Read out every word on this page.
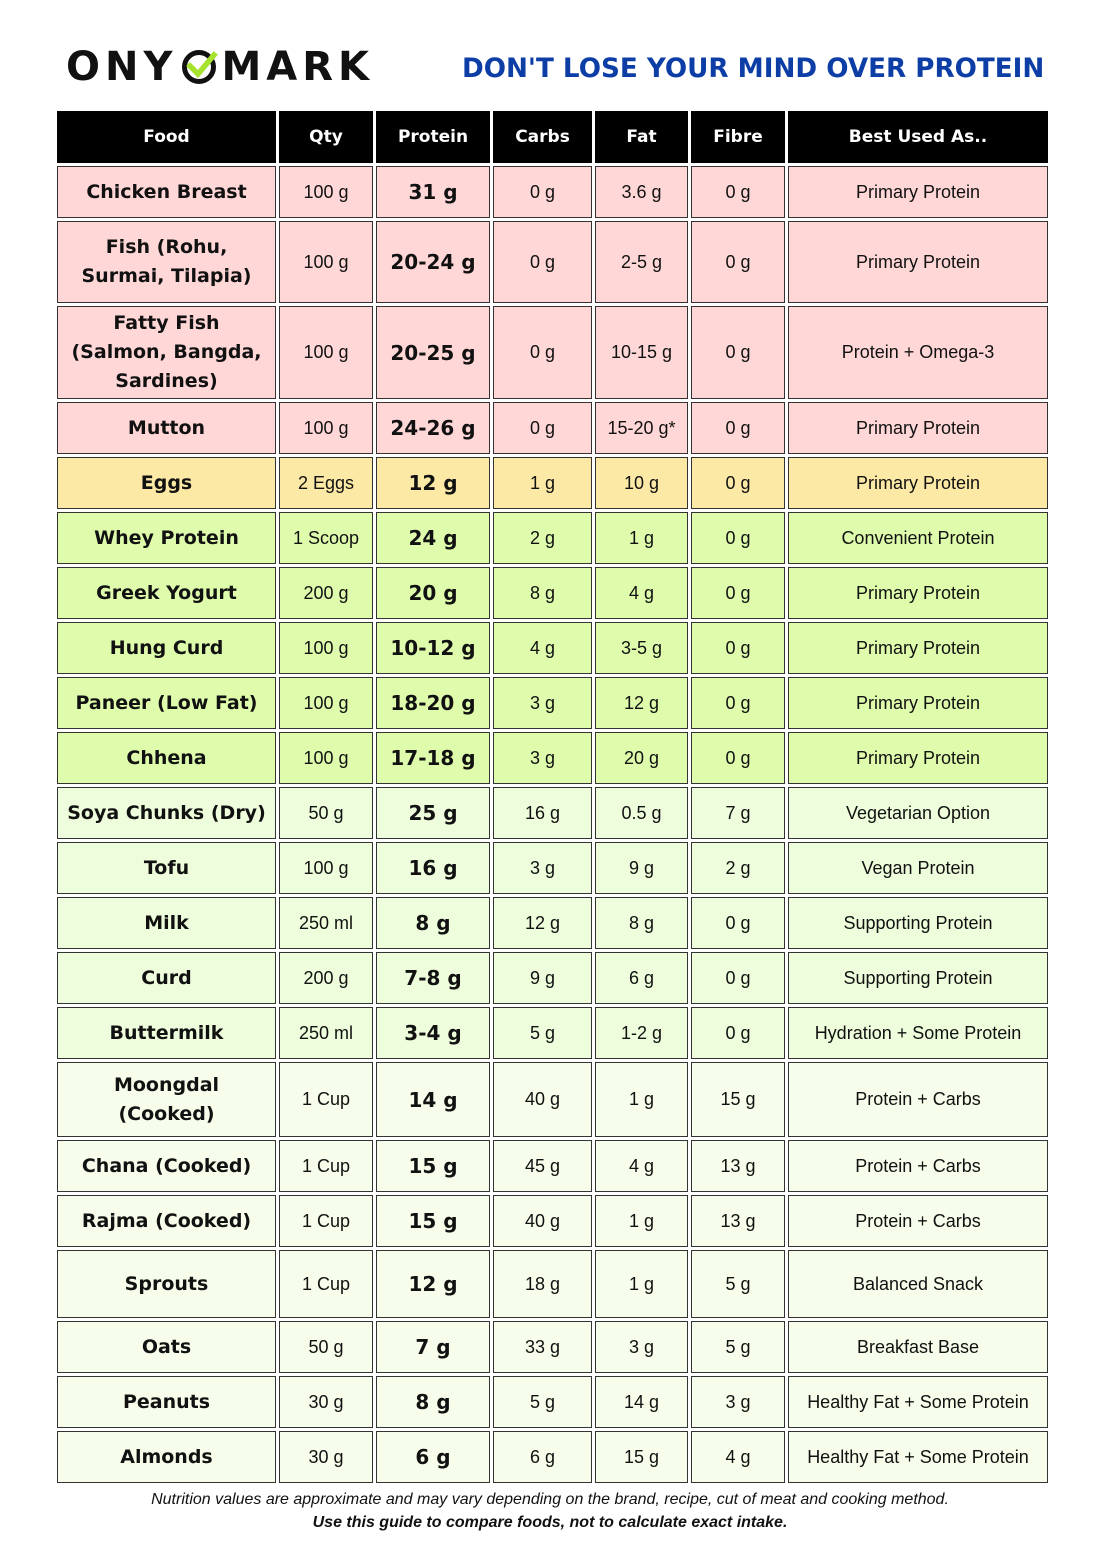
ONY MARK	DON'T LOSE YOUR MIND OVER PROTEIN
Food	Qty	Protein	Carbs	Fat	Fibre	Best Used As..
Chicken Breast	100 g	31 g	0 g	3.6 g	0 g	Primary Protein
Fish (Rohu, Surmai, Tilapia)	100 g	20-24 g	0 g	2-5 g	0 g	Primary Protein
Fatty Fish (Salmon, Bangda, Sardines)	100 g	20-25 g	0 g	10-15 g	0 g	Protein + Omega-3
Mutton	100 g	24-26 g	0 g	15-20 g*	0 g	Primary Protein
Eggs	2 Eggs	12 g	1 g	10 g	0 g	Primary Protein
Whey Protein	1 Scoop	24 g	2 g	1 g	0 g	Convenient Protein
Greek Yogurt	200 g	20 g	8 g	4 g	0 g	Primary Protein
Hung Curd	100 g	10-12 g	4 g	3-5 g	0 g	Primary Protein
Paneer (Low Fat)	100 g	18-20 g	3 g	12 g	0 g	Primary Protein
Chhena	100 g	17-18 g	3 g	20 g	0 g	Primary Protein
Soya Chunks (Dry)	50 g	25 g	16 g	0.5 g	7 g	Vegetarian Option
Tofu	100 g	16 g	3 g	9 g	2 g	Vegan Protein
Milk	250 ml	8 g	12 g	8 g	0 g	Supporting Protein
Curd	200 g	7-8 g	9 g	6 g	0 g	Supporting Protein
Buttermilk	250 ml	3-4 g	5 g	1-2 g	0 g	Hydration + Some Protein
Moongdal (Cooked)	1 Cup	14 g	40 g	1 g	15 g	Protein + Carbs
Chana (Cooked)	1 Cup	15 g	45 g	4 g	13 g	Protein + Carbs
Rajma (Cooked)	1 Cup	15 g	40 g	1 g	13 g	Protein + Carbs
Sprouts	1 Cup	12 g	18 g	1 g	5 g	Balanced Snack
Oats	50 g	7 g	33 g	3 g	5 g	Breakfast Base
Peanuts	30 g	8 g	5 g	14 g	3 g	Healthy Fat + Some Protein
Almonds	30 g	6 g	6 g	15 g	4 g	Healthy Fat + Some Protein
Nutrition values are approximate and may vary depending on the brand, recipe, cut of meat and cooking method.
Use this guide to compare foods, not to calculate exact intake.
